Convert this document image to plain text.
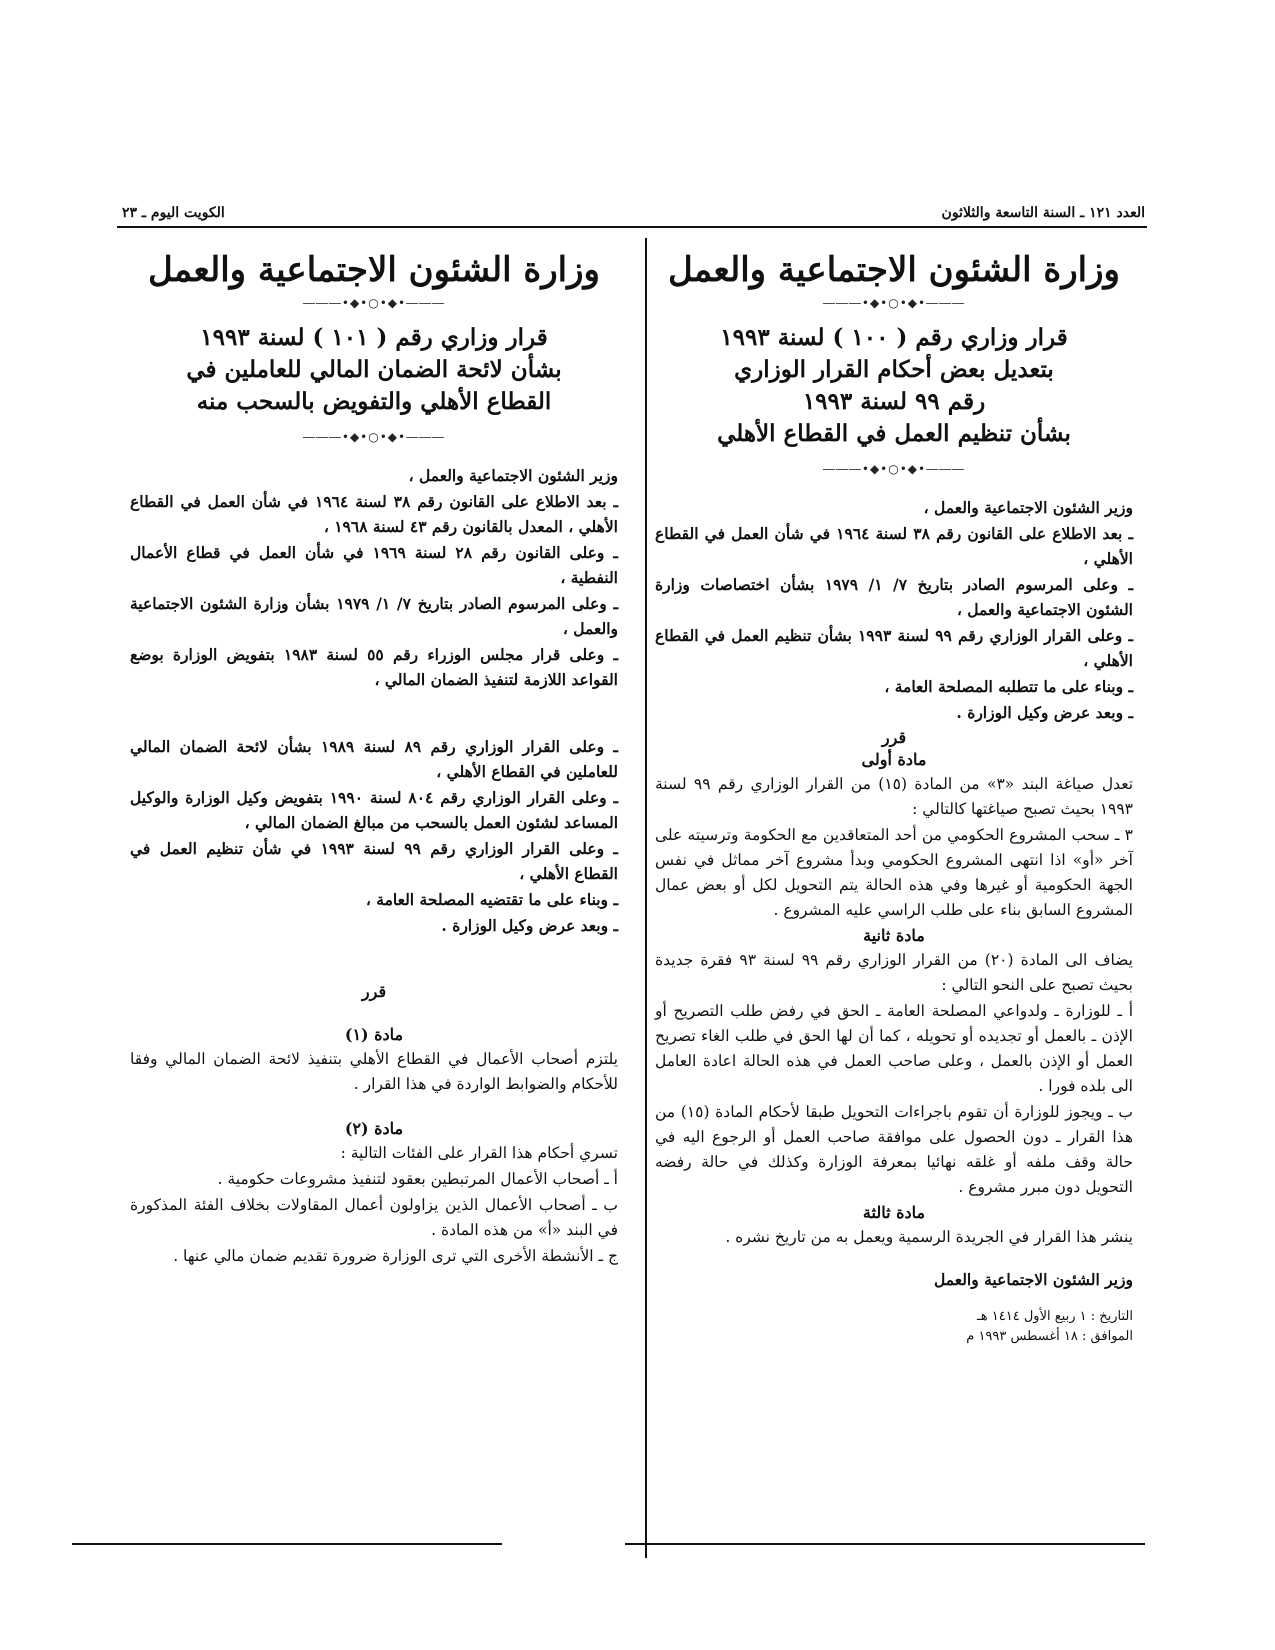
الكويت اليوم ـ ٢٣	العدد ١٢١ ـ السنة التاسعة والثلاثون
وزارة الشئون الاجتماعية والعمل
―――•◆•○•◆•―――
قرار وزاري رقم ( ١٠٠ ) لسنة ١٩٩٣
بتعديل بعض أحكام القرار الوزاري
رقم ٩٩ لسنة ١٩٩٣
بشأن تنظيم العمل في القطاع الأهلي
―――•◆•○•◆•―――
وزير الشئون الاجتماعية والعمل ،
ـ بعد الاطلاع على القانون رقم ٣٨ لسنة ١٩٦٤ في شأن العمل في القطاع الأهلي ،
ـ وعلى المرسوم الصادر بتاريخ ٧/ ١/ ١٩٧٩ بشأن اختصاصات وزارة الشئون الاجتماعية والعمل ،
ـ وعلى القرار الوزاري رقم ٩٩ لسنة ١٩٩٣ بشأن تنظيم العمل في القطاع الأهلي ،
ـ وبناء على ما تتطلبه المصلحة العامة ،
ـ وبعد عرض وكيل الوزارة .
قرر
مادة أولى
تعدل صياغة البند «٣» من المادة (١٥) من القرار الوزاري رقم ٩٩ لسنة ١٩٩٣ بحيث تصبح صياغتها كالتالي :
٣ ـ سحب المشروع الحكومي من أحد المتعاقدين مع الحكومة وترسيته على آخر «أو» اذا انتهى المشروع الحكومي وبدأ مشروع آخر مماثل في نفس الجهة الحكومية أو غيرها وفي هذه الحالة يتم التحويل لكل أو بعض عمال المشروع السابق بناء على طلب الراسي عليه المشروع .
مادة ثانية
يضاف الى المادة (٢٠) من القرار الوزاري رقم ٩٩ لسنة ٩٣ فقرة جديدة بحيث تصبح على النحو التالي :
أ ـ للوزارة ـ ولدواعي المصلحة العامة ـ الحق في رفض طلب التصريح أو الإذن ـ بالعمل أو تجديده أو تحويله ، كما أن لها الحق في طلب الغاء تصريح العمل أو الإذن بالعمل ، وعلى صاحب العمل في هذه الحالة اعادة العامل الى بلده فورا .
ب ـ ويجوز للوزارة أن تقوم باجراءات التحويل طبقا لأحكام المادة (١٥) من هذا القرار ـ دون الحصول على موافقة صاحب العمل أو الرجوع اليه في حالة وقف ملفه أو غلقه نهائيا بمعرفة الوزارة وكذلك في حالة رفضه التحويل دون مبرر مشروع .
مادة ثالثة
ينشر هذا القرار في الجريدة الرسمية ويعمل به من تاريخ نشره .
وزير الشئون الاجتماعية والعمل
التاريخ : ١ ربيع الأول ١٤١٤ هـ
الموافق : ١٨ أغسطس ١٩٩٣ م
وزارة الشئون الاجتماعية والعمل
―――•◆•○•◆•―――
قرار وزاري رقم ( ١٠١ ) لسنة ١٩٩٣
بشأن لائحة الضمان المالي للعاملين في
القطاع الأهلي والتفويض بالسحب منه
―――•◆•○•◆•―――
وزير الشئون الاجتماعية والعمل ،
ـ بعد الاطلاع على القانون رقم ٣٨ لسنة ١٩٦٤ في شأن العمل في القطاع الأهلي ، المعدل بالقانون رقم ٤٣ لسنة ١٩٦٨ ،
ـ وعلى القانون رقم ٢٨ لسنة ١٩٦٩ في شأن العمل في قطاع الأعمال النفطية ،
ـ وعلى المرسوم الصادر بتاريخ ٧/ ١/ ١٩٧٩ بشأن وزارة الشئون الاجتماعية والعمل ،
ـ وعلى قرار مجلس الوزراء رقم ٥٥ لسنة ١٩٨٣ بتفويض الوزارة بوضع القواعد اللازمة لتنفيذ الضمان المالي ،
ـ وعلى القرار الوزاري رقم ٨٩ لسنة ١٩٨٩ بشأن لائحة الضمان المالي للعاملين في القطاع الأهلي ،
ـ وعلى القرار الوزاري رقم ٨٠٤ لسنة ١٩٩٠ بتفويض وكيل الوزارة والوكيل المساعد لشئون العمل بالسحب من مبالغ الضمان المالي ،
ـ وعلى القرار الوزاري رقم ٩٩ لسنة ١٩٩٣ في شأن تنظيم العمل في القطاع الأهلي ،
ـ وبناء على ما تقتضيه المصلحة العامة ،
ـ وبعد عرض وكيل الوزارة .
قرر
مادة (١)
يلتزم أصحاب الأعمال في القطاع الأهلي بتنفيذ لائحة الضمان المالي وفقا للأحكام والضوابط الواردة في هذا القرار .
مادة (٢)
تسري أحكام هذا القرار على الفئات التالية :
أ ـ أصحاب الأعمال المرتبطين بعقود لتنفيذ مشروعات حكومية .
ب ـ أصحاب الأعمال الذين يزاولون أعمال المقاولات بخلاف الفئة المذكورة في البند «أ» من هذه المادة .
ج ـ الأنشطة الأخرى التي ترى الوزارة ضرورة تقديم ضمان مالي عنها .
